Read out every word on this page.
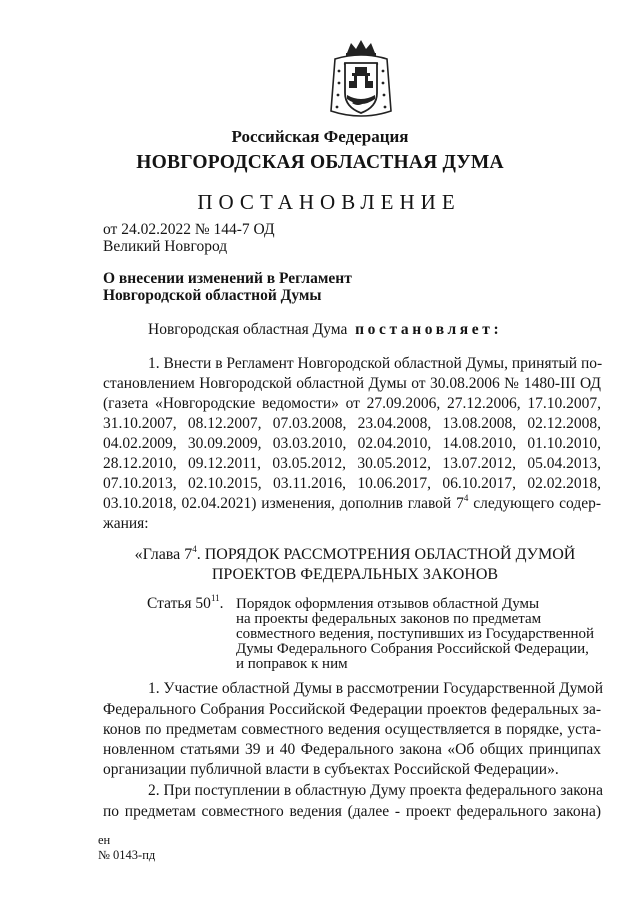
Российская Федерация
НОВГОРОДСКАЯ ОБЛАСТНАЯ ДУМА
ПОСТАНОВЛЕНИЕ
от 24.02.2022 № 144-7 ОД
Великий Новгород
О внесении изменений в Регламент
Новгородской областной Думы
Новгородская областная Дума постановляет:
1. Внести в Регламент Новгородской областной Думы, принятый по-
становлением Новгородской областной Думы от 30.08.2006 № 1480-III ОД
(газета «Новгородские ведомости» от 27.09.2006, 27.12.2006, 17.10.2007,
31.10.2007, 08.12.2007, 07.03.2008, 23.04.2008, 13.08.2008, 02.12.2008,
04.02.2009, 30.09.2009, 03.03.2010, 02.04.2010, 14.08.2010, 01.10.2010,
28.12.2010, 09.12.2011, 03.05.2012, 30.05.2012, 13.07.2012, 05.04.2013,
07.10.2013, 02.10.2015, 03.11.2016, 10.06.2017, 06.10.2017, 02.02.2018,
03.10.2018, 02.04.2021) изменения, дополнив главой $7^4$ следующего содер-
жания:
«Глава $7^4$. ПОРЯДОК РАССМОТРЕНИЯ ОБЛАСТНОЙ ДУМОЙ
ПРОЕКТОВ ФЕДЕРАЛЬНЫХ ЗАКОНОВ
Статья $50^{11}$. Порядок оформления отзывов областной Думы
на проекты федеральных законов по предметам
совместного ведения, поступивших из Государственной
Думы Федерального Собрания Российской Федерации,
и поправок к ним
1. Участие областной Думы в рассмотрении Государственной Думой
Федерального Собрания Российской Федерации проектов федеральных за-
конов по предметам совместного ведения осуществляется в порядке, уста-
новленном статьями 39 и 40 Федерального закона «Об общих принципах
организации публичной власти в субъектах Российской Федерации».
2. При поступлении в областную Думу проекта федерального закона
по предметам совместного ведения (далее - проект федерального закона)
ен
№ 0143-пд
